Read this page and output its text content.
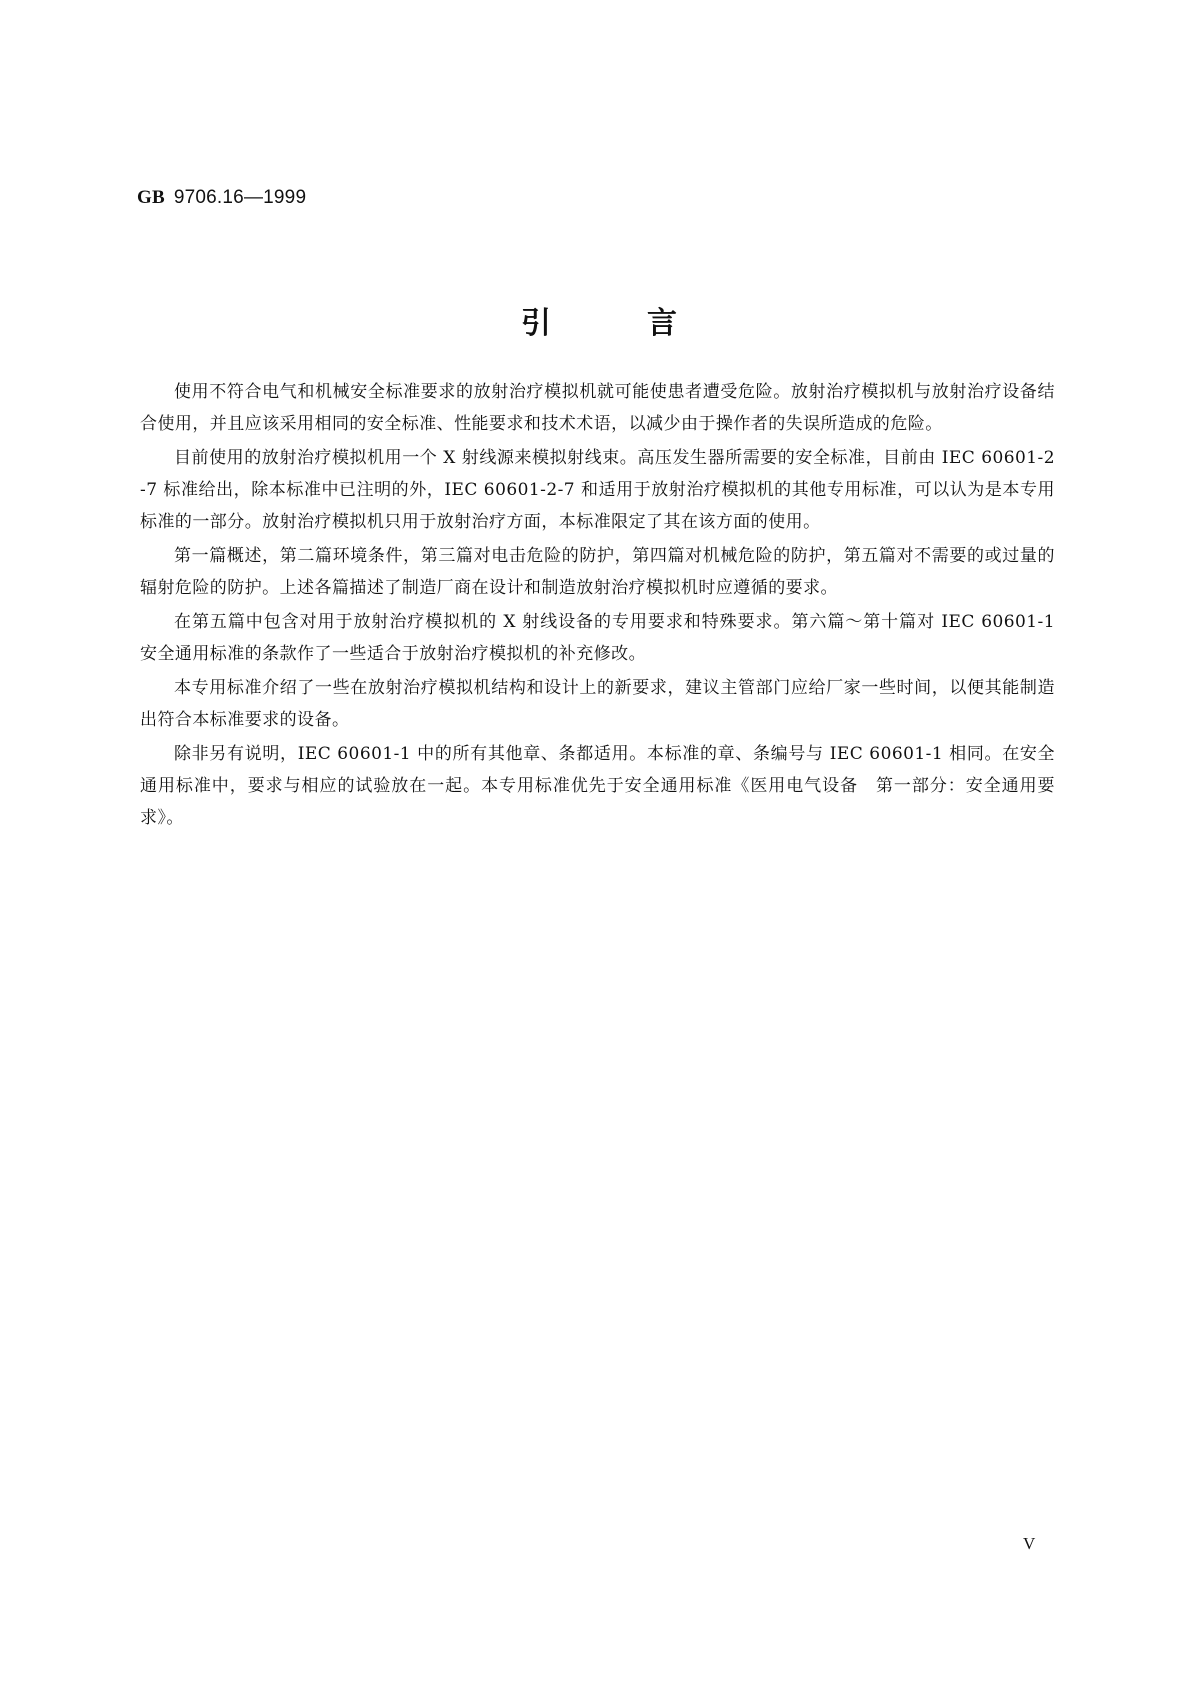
GB 9706.16—1999
引	言

使用不符合电气和机械安全标准要求的放射治疗模拟机就可能使患者遭受危险。放射治疗模拟机与放射治疗设备结合使用，并且应该采用相同的安全标准、性能要求和技术术语，以减少由于操作者的失误所造成的危险。

目前使用的放射治疗模拟机用一个 X 射线源来模拟射线束。高压发生器所需要的安全标准，目前由 IEC 60601-2-7 标准给出，除本标准中已注明的外，IEC 60601-2-7 和适用于放射治疗模拟机的其他专用标准，可以认为是本专用标准的一部分。放射治疗模拟机只用于放射治疗方面，本标准限定了其在该方面的使用。

第一篇概述，第二篇环境条件，第三篇对电击危险的防护，第四篇对机械危险的防护，第五篇对不需要的或过量的辐射危险的防护。上述各篇描述了制造厂商在设计和制造放射治疗模拟机时应遵循的要求。

在第五篇中包含对用于放射治疗模拟机的 X 射线设备的专用要求和特殊要求。第六篇～第十篇对 IEC 60601-1 安全通用标准的条款作了一些适合于放射治疗模拟机的补充修改。

本专用标准介绍了一些在放射治疗模拟机结构和设计上的新要求，建议主管部门应给厂家一些时间，以便其能制造出符合本标准要求的设备。

除非另有说明，IEC 60601-1 中的所有其他章、条都适用。本标准的章、条编号与 IEC 60601-1 相同。在安全通用标准中，要求与相应的试验放在一起。本专用标准优先于安全通用标准《医用电气设备　第一部分：安全通用要求》。

V
